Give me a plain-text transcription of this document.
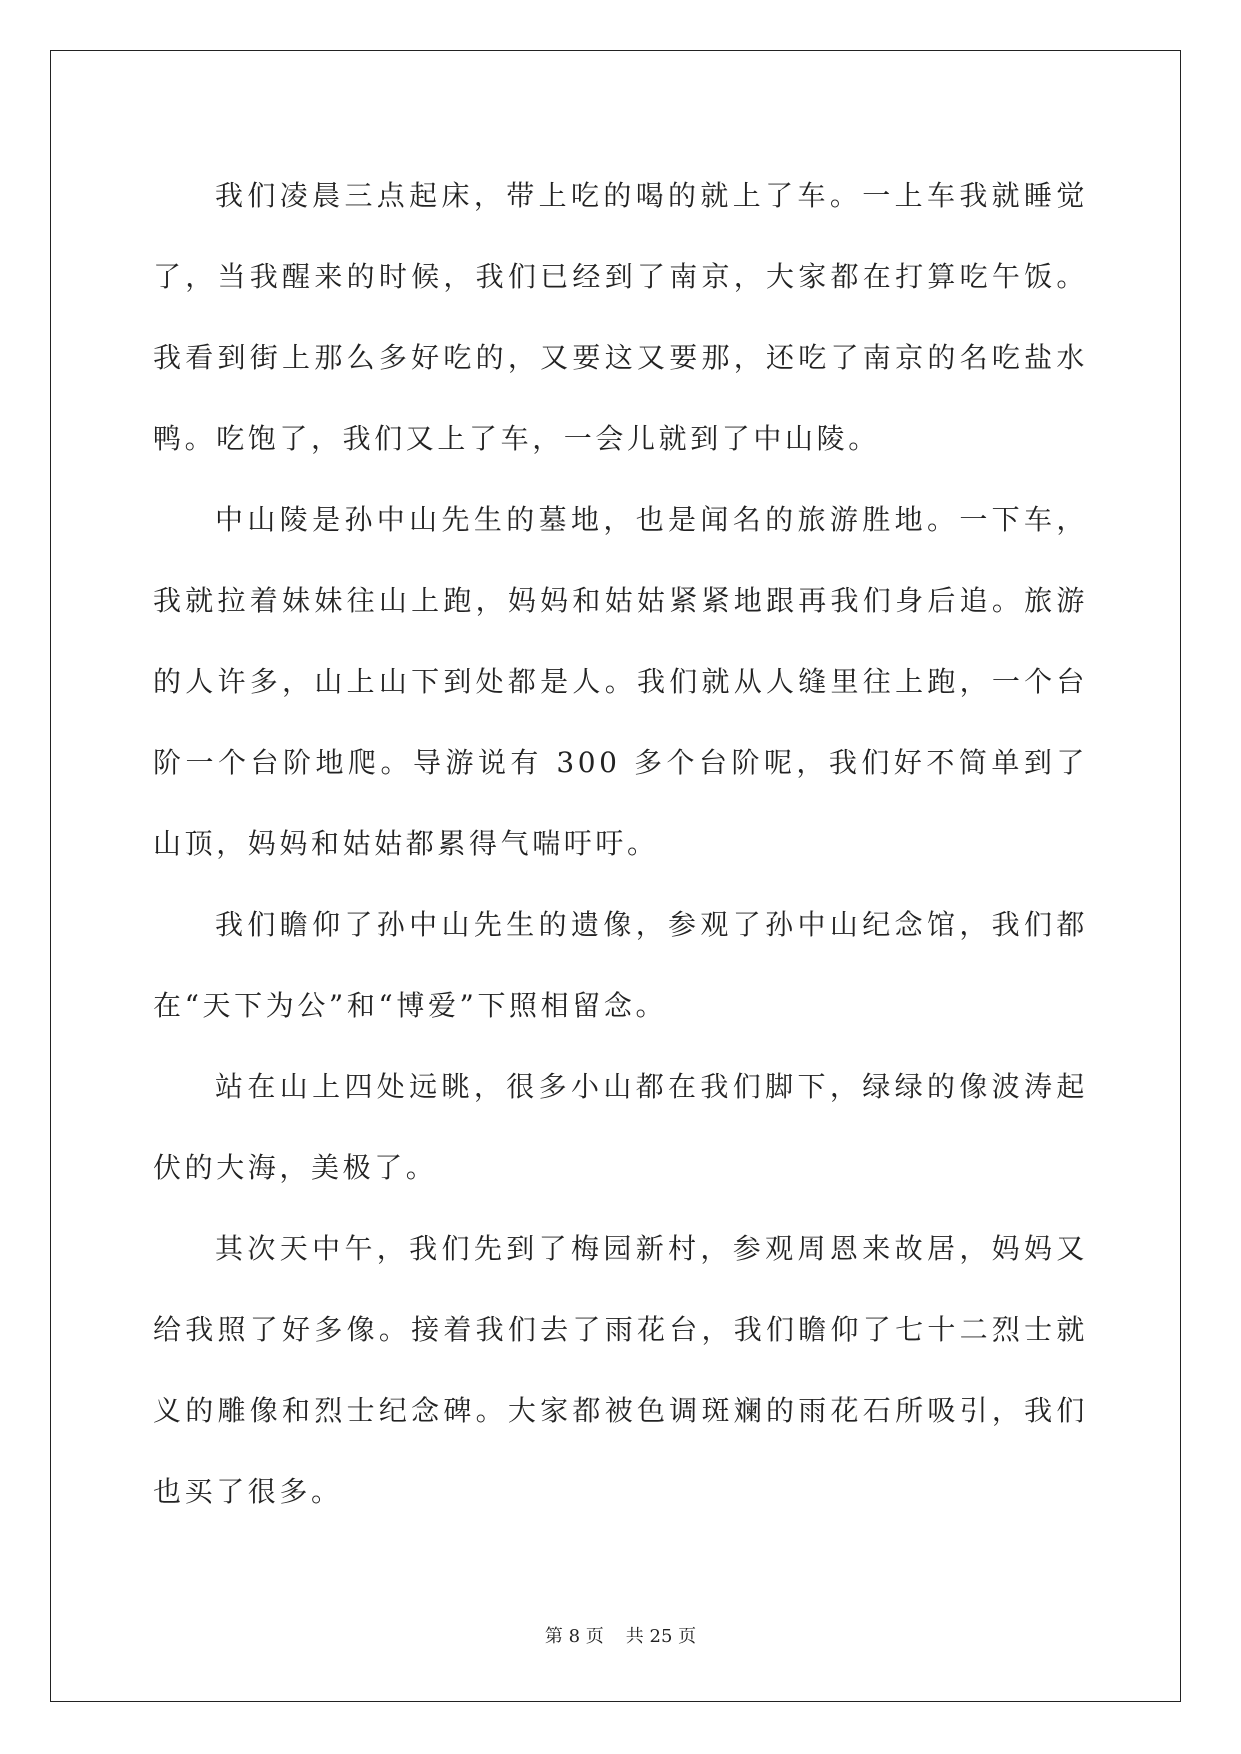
我们凌晨三点起床，带上吃的喝的就上了车。一上车我就睡觉了，当我醒来的时候，我们已经到了南京，大家都在打算吃午饭。我看到街上那么多好吃的，又要这又要那，还吃了南京的名吃盐水鸭。吃饱了，我们又上了车，一会儿就到了中山陵。

中山陵是孙中山先生的墓地，也是闻名的旅游胜地。一下车，我就拉着妹妹往山上跑，妈妈和姑姑紧紧地跟再我们身后追。旅游的人许多，山上山下到处都是人。我们就从人缝里往上跑，一个台阶一个台阶地爬。导游说有 300 多个台阶呢，我们好不简单到了山顶，妈妈和姑姑都累得气喘吁吁。

我们瞻仰了孙中山先生的遗像，参观了孙中山纪念馆，我们都在“天下为公”和“博爱”下照相留念。

站在山上四处远眺，很多小山都在我们脚下，绿绿的像波涛起伏的大海，美极了。

其次天中午，我们先到了梅园新村，参观周恩来故居，妈妈又给我照了好多像。接着我们去了雨花台，我们瞻仰了七十二烈士就义的雕像和烈士纪念碑。大家都被色调斑斓的雨花石所吸引，我们也买了很多。

第 8 页 共 25 页
